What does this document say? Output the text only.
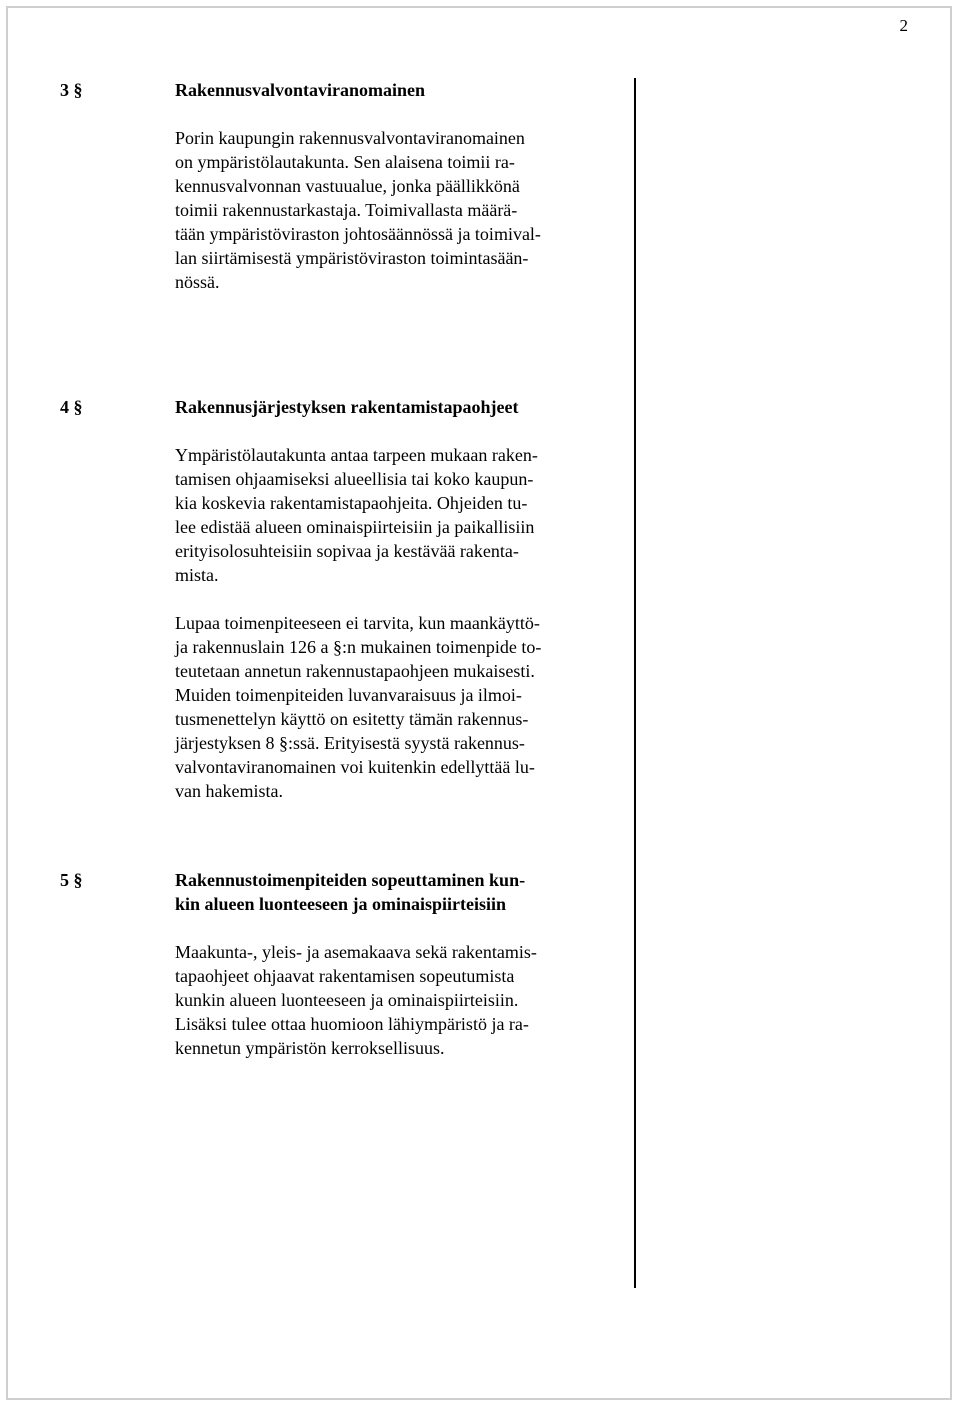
2
3 §	Rakennusvalvontaviranomainen
Porin kaupungin rakennusvalvontaviranomainen
on ympäristölautakunta. Sen alaisena toimii ra-
kennusvalvonnan vastuualue, jonka päällikkönä
toimii rakennustarkastaja. Toimivallasta määrä-
tään ympäristöviraston johtosäännössä ja toimival-
lan siirtämisestä ympäristöviraston toimintasään-
nössä.
4 §	Rakennusjärjestyksen rakentamistapaohjeet
Ympäristölautakunta antaa tarpeen mukaan raken-
tamisen ohjaamiseksi alueellisia tai koko kaupun-
kia koskevia rakentamistapaohjeita. Ohjeiden tu-
lee edistää alueen ominaispiirteisiin ja paikallisiin
erityisolosuhteisiin sopivaa ja kestävää rakenta-
mista.
Lupaa toimenpiteeseen ei tarvita, kun maankäyttö-
ja rakennuslain 126 a §:n mukainen toimenpide to-
teutetaan annetun rakennustapaohjeen mukaisesti.
Muiden toimenpiteiden luvanvaraisuus ja ilmoi-
tusmenettelyn käyttö on esitetty tämän rakennus-
järjestyksen 8 §:ssä. Erityisestä syystä rakennus-
valvontaviranomainen voi kuitenkin edellyttää lu-
van hakemista.
5 §	Rakennustoimenpiteiden sopeuttaminen kun-
kin alueen luonteeseen ja ominaispiirteisiin
Maakunta-, yleis- ja asemakaava sekä rakentamis-
tapaohjeet ohjaavat rakentamisen sopeutumista
kunkin alueen luonteeseen ja ominaispiirteisiin.
Lisäksi tulee ottaa huomioon lähiympäristö ja ra-
kennetun ympäristön kerroksellisuus.
